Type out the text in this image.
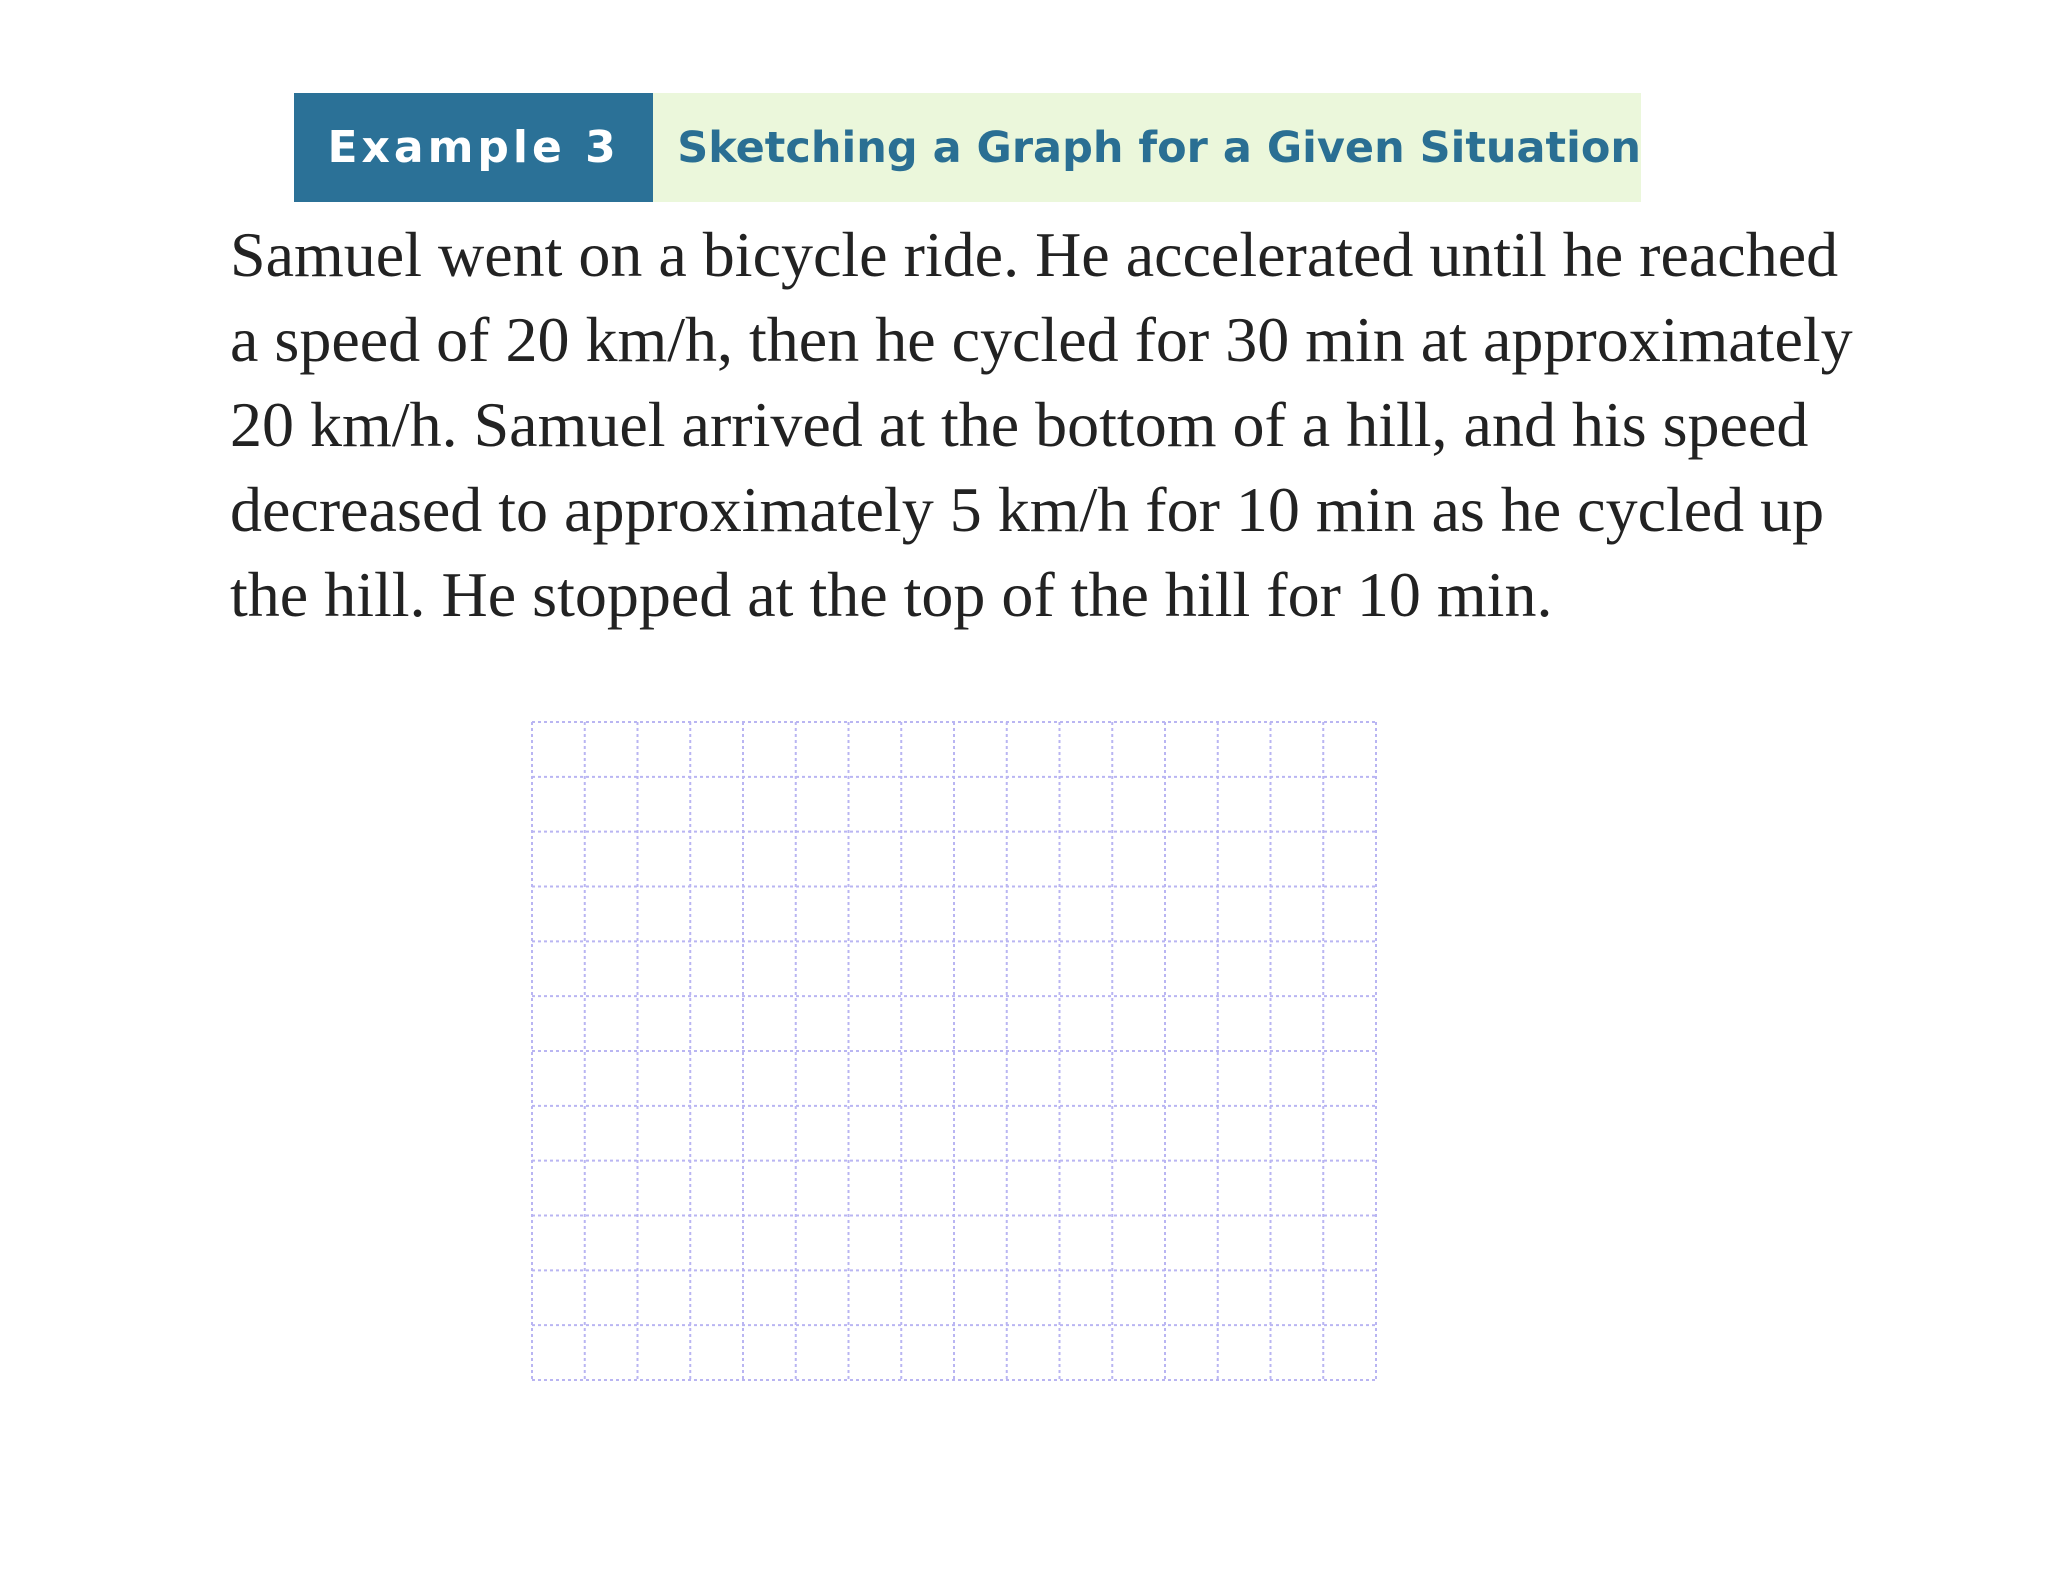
Example 3	Sketching a Graph for a Given Situation

Samuel went on a bicycle ride. He accelerated until he reached
a speed of 20 km/h, then he cycled for 30 min at approximately
20 km/h. Samuel arrived at the bottom of a hill, and his speed
decreased to approximately 5 km/h for 10 min as he cycled up
the hill. He stopped at the top of the hill for 10 min.
